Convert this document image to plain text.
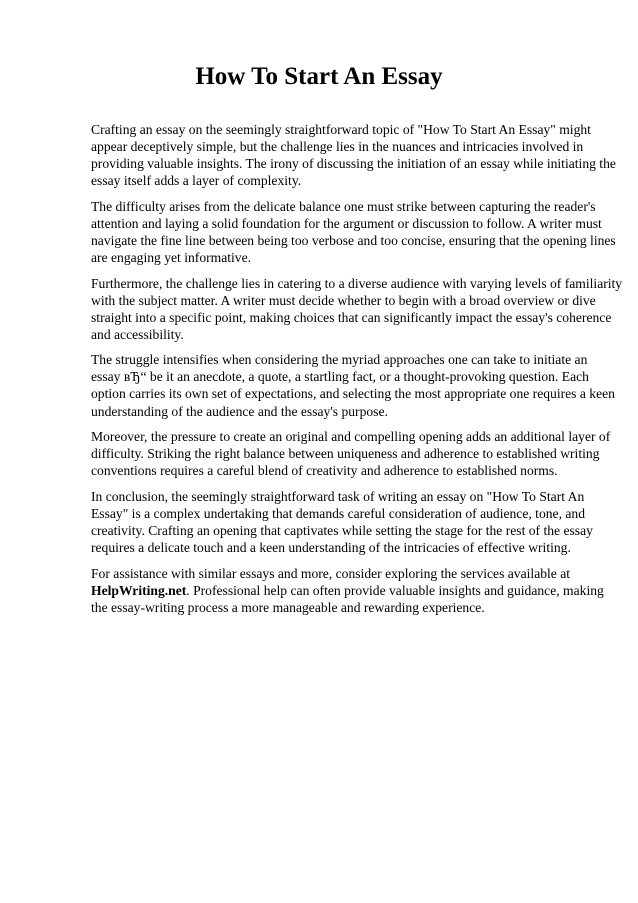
How To Start An Essay

Crafting an essay on the seemingly straightforward topic of "How To Start An Essay" might
appear deceptively simple, but the challenge lies in the nuances and intricacies involved in
providing valuable insights. The irony of discussing the initiation of an essay while initiating the
essay itself adds a layer of complexity.

The difficulty arises from the delicate balance one must strike between capturing the reader's
attention and laying a solid foundation for the argument or discussion to follow. A writer must
navigate the fine line between being too verbose and too concise, ensuring that the opening lines
are engaging yet informative.

Furthermore, the challenge lies in catering to a diverse audience with varying levels of familiarity
with the subject matter. A writer must decide whether to begin with a broad overview or dive
straight into a specific point, making choices that can significantly impact the essay's coherence
and accessibility.

The struggle intensifies when considering the myriad approaches one can take to initiate an
essay вЂ“ be it an anecdote, a quote, a startling fact, or a thought-provoking question. Each
option carries its own set of expectations, and selecting the most appropriate one requires a keen
understanding of the audience and the essay's purpose.

Moreover, the pressure to create an original and compelling opening adds an additional layer of
difficulty. Striking the right balance between uniqueness and adherence to established writing
conventions requires a careful blend of creativity and adherence to established norms.

In conclusion, the seemingly straightforward task of writing an essay on "How To Start An
Essay" is a complex undertaking that demands careful consideration of audience, tone, and
creativity. Crafting an opening that captivates while setting the stage for the rest of the essay
requires a delicate touch and a keen understanding of the intricacies of effective writing.

For assistance with similar essays and more, consider exploring the services available at
HelpWriting.net. Professional help can often provide valuable insights and guidance, making
the essay-writing process a more manageable and rewarding experience.
